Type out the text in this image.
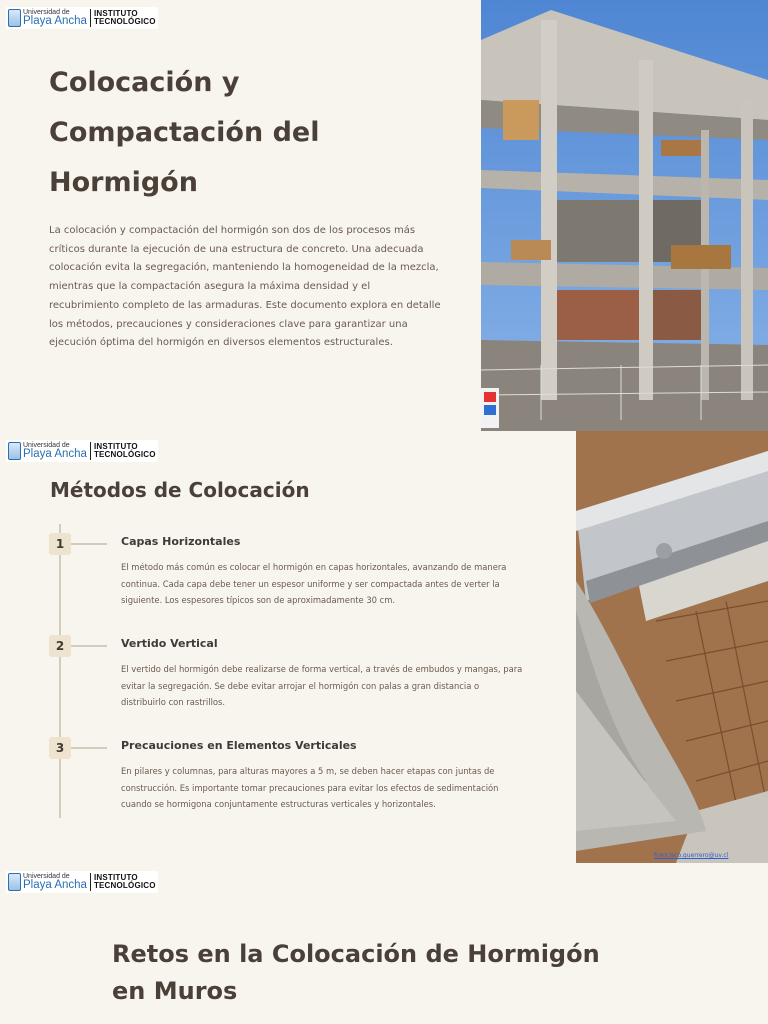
Universidad de
Playa Ancha
INSTITUTO
TECNOLÓGICO
Colocación y Compactación del Hormigón

La colocación y compactación del hormigón son dos de los procesos más críticos durante la ejecución de una estructura de concreto. Una adecuada colocación evita la segregación, manteniendo la homogeneidad de la mezcla, mientras que la compactación asegura la máxima densidad y el recubrimiento completo de las armaduras. Este documento explora en detalle los métodos, precauciones y consideraciones clave para garantizar una ejecución óptima del hormigón en diversos elementos estructurales.

Universidad de
Playa Ancha
INSTITUTO
TECNOLÓGICO
Métodos de Colocación
1	Capas Horizontales

El método más común es colocar el hormigón en capas horizontales, avanzando de manera continua. Cada capa debe tener un espesor uniforme y ser compactada antes de verter la siguiente. Los espesores típicos son de aproximadamente 30 cm.

2	Vertido Vertical

El vertido del hormigón debe realizarse de forma vertical, a través de embudos y mangas, para evitar la segregación. Se debe evitar arrojar el hormigón con palas a gran distancia o distribuirlo con rastrillos.

3	Precauciones en Elementos Verticales

En pilares y columnas, para alturas mayores a 5 m, se deben hacer etapas con juntas de construcción. Es importante tomar precauciones para evitar los efectos de sedimentación cuando se hormigona conjuntamente estructuras verticales y horizontales.

francisco.guerrero@uv.cl
Universidad de
Playa Ancha
INSTITUTO
TECNOLÓGICO
Retos en la Colocación de Hormigón en Muros
